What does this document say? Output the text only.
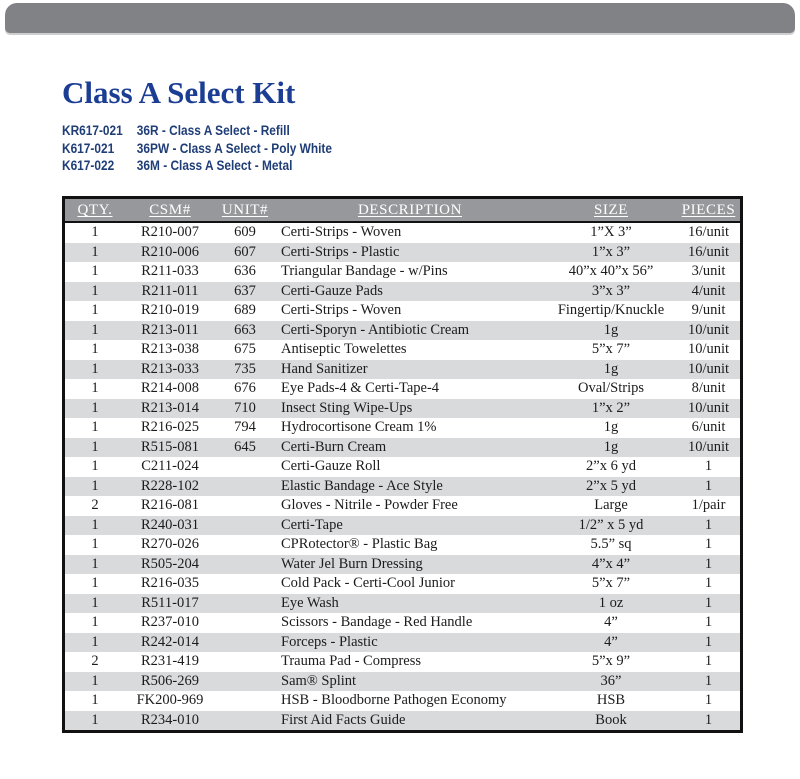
Class A Select Kit
KR617-021	36R - Class A Select - Refill
K617-021	36PW - Class A Select - Poly White
K617-022	36M - Class A Select - Metal
QTY.	CSM#	UNIT#	DESCRIPTION	SIZE	PIECES
1	R210-007	609	Certi-Strips - Woven	1”X 3”	16/unit
1	R210-006	607	Certi-Strips - Plastic	1”x 3”	16/unit
1	R211-033	636	Triangular Bandage - w/Pins	40”x 40”x 56”	3/unit
1	R211-011	637	Certi-Gauze Pads	3”x 3”	4/unit
1	R210-019	689	Certi-Strips - Woven	Fingertip/Knuckle	9/unit
1	R213-011	663	Certi-Sporyn - Antibiotic Cream	1g	10/unit
1	R213-038	675	Antiseptic Towelettes	5”x 7”	10/unit
1	R213-033	735	Hand Sanitizer	1g	10/unit
1	R214-008	676	Eye Pads-4 & Certi-Tape-4	Oval/Strips	8/unit
1	R213-014	710	Insect Sting Wipe-Ups	1”x 2”	10/unit
1	R216-025	794	Hydrocortisone Cream 1%	1g	6/unit
1	R515-081	645	Certi-Burn Cream	1g	10/unit
1	C211-024		Certi-Gauze Roll	2”x 6 yd	1
1	R228-102		Elastic Bandage - Ace Style	2”x 5 yd	1
2	R216-081		Gloves - Nitrile - Powder Free	Large	1/pair
1	R240-031		Certi-Tape	1/2” x 5 yd	1
1	R270-026		CPRotector® - Plastic Bag	5.5” sq	1
1	R505-204		Water Jel Burn Dressing	4”x 4”	1
1	R216-035		Cold Pack - Certi-Cool Junior	5”x 7”	1
1	R511-017		Eye Wash	1 oz	1
1	R237-010		Scissors - Bandage - Red Handle	4”	1
1	R242-014		Forceps - Plastic	4”	1
2	R231-419		Trauma Pad - Compress	5”x 9”	1
1	R506-269		Sam® Splint	36”	1
1	FK200-969		HSB - Bloodborne Pathogen Economy	HSB	1
1	R234-010		First Aid Facts Guide	Book	1
